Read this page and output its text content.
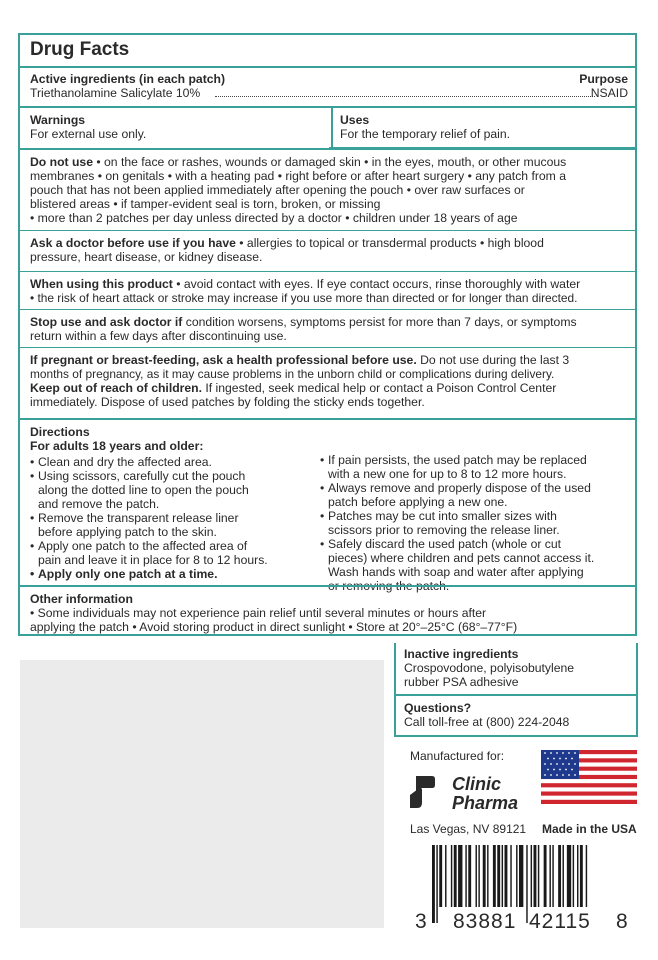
Drug Facts
Active ingredients (in each patch)	Purpose
Triethanolamine Salicylate 10%	NSAID
Warnings
For external use only.
Uses
For the temporary relief of pain.

Do not use • on the face or rashes, wounds or damaged skin • in the eyes, mouth, or other mucous

membranes • on genitals • with a heating pad • right before or after heart surgery • any patch from a

pouch that has not been applied immediately after opening the pouch • over raw surfaces or

blistered areas • if tamper-evident seal is torn, broken, or missing

• more than 2 patches per day unless directed by a doctor • children under 18 years of age

Ask a doctor before use if you have • allergies to topical or transdermal products • high blood

pressure, heart disease, or kidney disease.

When using this product • avoid contact with eyes. If eye contact occurs, rinse thoroughly with water

• the risk of heart attack or stroke may increase if you use more than directed or for longer than directed.

Stop use and ask doctor if condition worsens, symptoms persist for more than 7 days, or symptoms

return within a few days after discontinuing use.

If pregnant or breast-feeding, ask a health professional before use. Do not use during the last 3

months of pregnancy, as it may cause problems in the unborn child or complications during delivery.

Keep out of reach of children. If ingested, seek medical help or contact a Poison Control Center

immediately. Dispose of used patches by folding the sticky ends together.

Directions
For adults 18 years and older:
• Clean and dry the affected area.
• Using scissors, carefully cut the pouch
along the dotted line to open the pouch
and remove the patch.
• Remove the transparent release liner
before applying patch to the skin.
• Apply one patch to the affected area of
pain and leave it in place for 8 to 12 hours.
• Apply only one patch at a time.
• If pain persists, the used patch may be replaced
with a new one for up to 8 to 12 more hours.
• Always remove and properly dispose of the used
patch before applying a new one.
• Patches may be cut into smaller sizes with
scissors prior to removing the release liner.
• Safely discard the used patch (whole or cut
pieces) where children and pets cannot access it.
Wash hands with soap and water after applying
or removing the patch.
Other information
• Some individuals may not experience pain relief until several minutes or hours after
applying the patch • Avoid storing product in direct sunlight • Store at 20°–25°C (68°–77°F)
Inactive ingredients
Crospovodone, polyisobutylene
rubber PSA adhesive
Questions?
Call toll-free at (800) 224-2048
Manufactured for:
Clinic
Pharma
Las Vegas, NV 89121 Made in the USA
3 83881 42115 8
